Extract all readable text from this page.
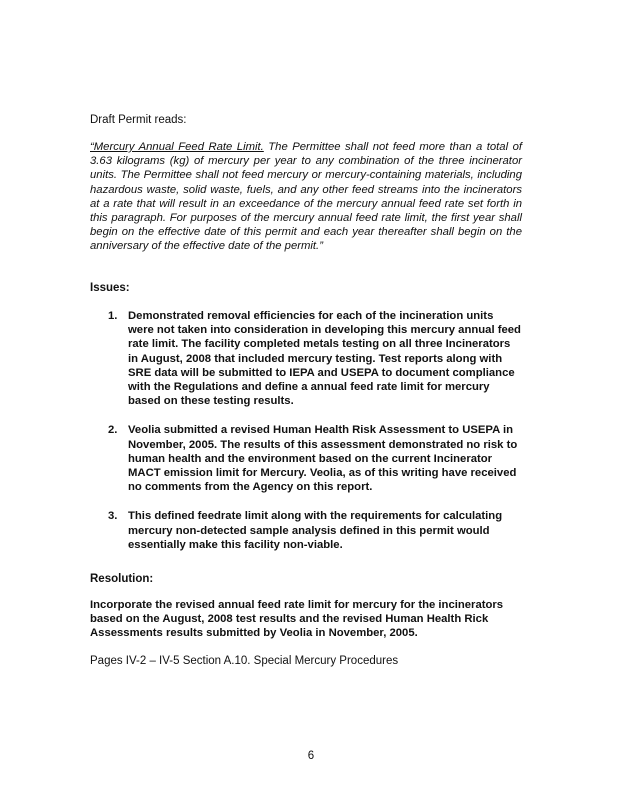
Draft Permit reads:
“Mercury Annual Feed Rate Limit. The Permittee shall not feed more than a total of 3.63 kilograms (kg) of mercury per year to any combination of the three incinerator units. The Permittee shall not feed mercury or mercury-containing materials, including hazardous waste, solid waste, fuels, and any other feed streams into the incinerators at a rate that will result in an exceedance of the mercury annual feed rate set forth in this paragraph. For purposes of the mercury annual feed rate limit, the first year shall begin on the effective date of this permit and each year thereafter shall begin on the anniversary of the effective date of the permit.”
Issues:
1. Demonstrated removal efficiencies for each of the incineration units were not taken into consideration in developing this mercury annual feed rate limit. The facility completed metals testing on all three Incinerators in August, 2008 that included mercury testing. Test reports along with SRE data will be submitted to IEPA and USEPA to document compliance with the Regulations and define a annual feed rate limit for mercury based on these testing results.
2. Veolia submitted a revised Human Health Risk Assessment to USEPA in November, 2005. The results of this assessment demonstrated no risk to human health and the environment based on the current Incinerator MACT emission limit for Mercury. Veolia, as of this writing have received no comments from the Agency on this report.
3. This defined feedrate limit along with the requirements for calculating mercury non-detected sample analysis defined in this permit would essentially make this facility non-viable.
Resolution:
Incorporate the revised annual feed rate limit for mercury for the incinerators based on the August, 2008 test results and the revised Human Health Rick Assessments results submitted by Veolia in November, 2005.
Pages IV-2 – IV-5 Section A.10. Special Mercury Procedures
6
